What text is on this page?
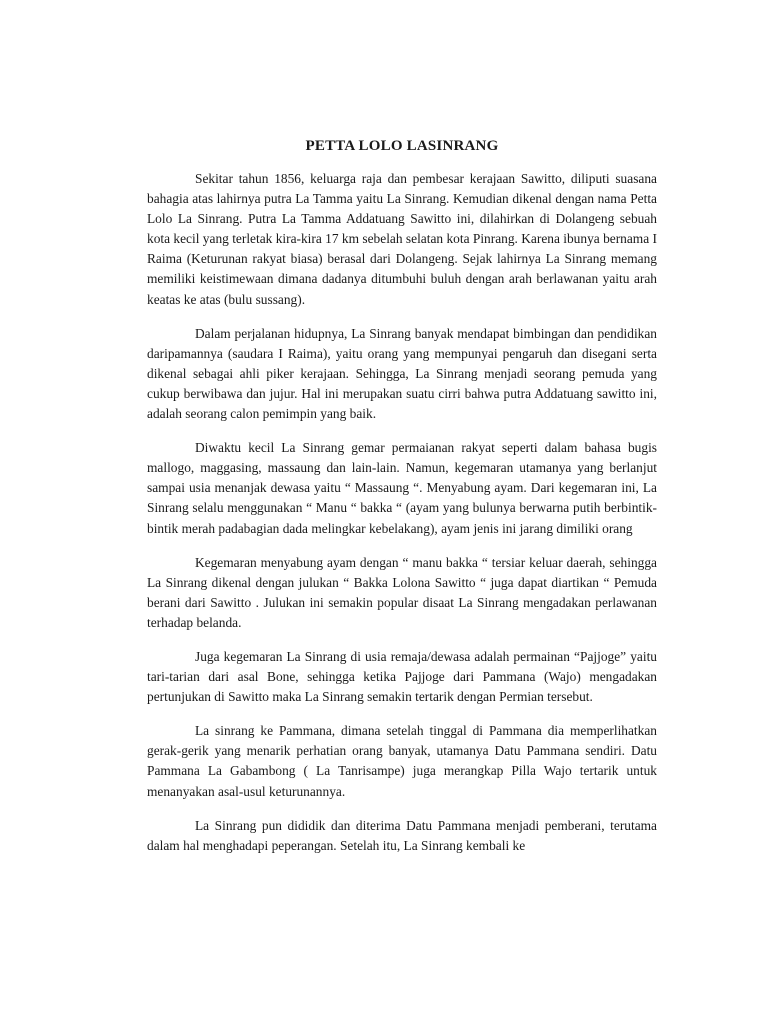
PETTA LOLO LASINRANG

Sekitar tahun 1856, keluarga raja dan pembesar kerajaan Sawitto, diliputi suasana bahagia atas lahirnya putra La Tamma yaitu La Sinrang. Kemudian dikenal dengan nama Petta Lolo La Sinrang. Putra La Tamma Addatuang Sawitto ini, dilahirkan di Dolangeng sebuah kota kecil yang terletak kira-kira 17 km sebelah selatan kota Pinrang. Karena ibunya bernama I Raima (Keturunan rakyat biasa) berasal dari Dolangeng. Sejak lahirnya La Sinrang memang memiliki keistimewaan dimana dadanya ditumbuhi buluh dengan arah berlawanan yaitu arah keatas ke atas (bulu sussang).

Dalam perjalanan hidupnya, La Sinrang banyak mendapat bimbingan dan pendidikan daripamannya (saudara I Raima), yaitu orang yang mempunyai pengaruh dan disegani serta dikenal sebagai ahli piker kerajaan. Sehingga, La Sinrang menjadi seorang pemuda yang cukup berwibawa dan jujur. Hal ini merupakan suatu cirri bahwa putra Addatuang sawitto ini, adalah seorang calon pemimpin yang baik.

Diwaktu kecil La Sinrang gemar permaianan rakyat seperti dalam bahasa bugis mallogo, maggasing, massaung dan lain-lain. Namun, kegemaran utamanya yang berlanjut sampai usia menanjak dewasa yaitu “ Massaung “. Menyabung ayam. Dari kegemaran ini, La Sinrang selalu menggunakan “ Manu “ bakka “ (ayam yang bulunya berwarna putih berbintik-bintik merah padabagian dada melingkar kebelakang), ayam jenis ini jarang dimiliki orang

Kegemaran menyabung ayam dengan “ manu bakka “ tersiar keluar daerah, sehingga La Sinrang dikenal dengan julukan “ Bakka Lolona Sawitto “ juga dapat diartikan “ Pemuda berani dari Sawitto . Julukan ini semakin popular disaat La Sinrang mengadakan perlawanan terhadap belanda.

Juga kegemaran La Sinrang di usia remaja/dewasa adalah permainan “Pajjoge” yaitu tari-tarian dari asal Bone, sehingga ketika Pajjoge dari Pammana (Wajo) mengadakan pertunjukan di Sawitto maka La Sinrang semakin tertarik dengan Permian tersebut.

La sinrang ke Pammana, dimana setelah tinggal di Pammana dia memperlihatkan gerak-gerik yang menarik perhatian orang banyak, utamanya Datu Pammana sendiri. Datu Pammana La Gabambong ( La Tanrisampe) juga merangkap Pilla Wajo tertarik untuk menanyakan asal-usul keturunannya.

La Sinrang pun dididik dan diterima Datu Pammana menjadi pemberani, terutama dalam hal menghadapi peperangan. Setelah itu, La Sinrang kembali ke
